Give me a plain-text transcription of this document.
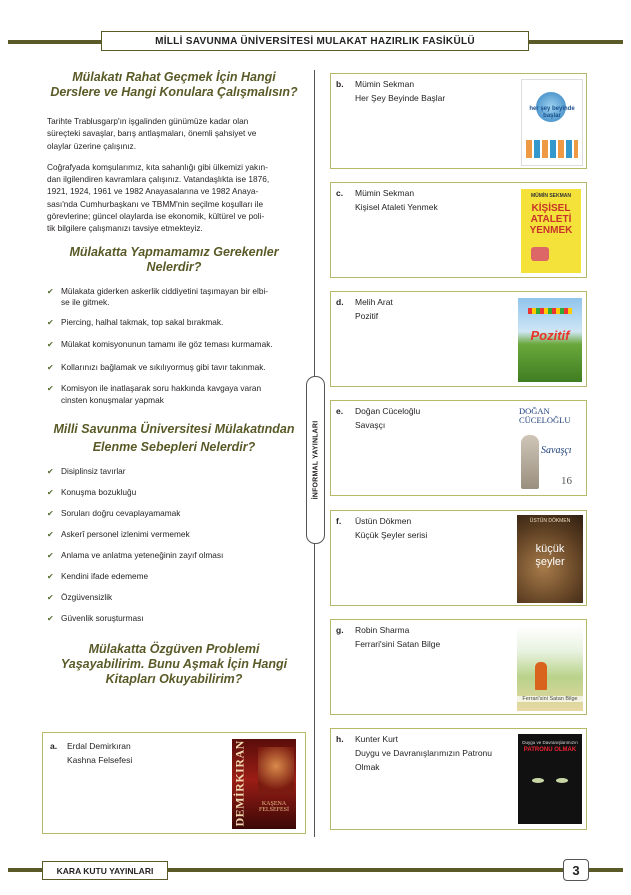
MİLLİ SAVUNMA ÜNİVERSİTESİ MULAKAT HAZIRLIK FASİKÜLÜ

Mülakatı Rahat Geçmek İçin Hangi
Derslere ve Hangi Konulara Çalışmalısın?

Tarihte Trablusgarp'ın işgalinden günümüze kadar olan
süreçteki savaşlar, barış antlaşmaları, önemli şahsiyet ve
olaylar üzerine çalışınız.

Coğrafyada komşularımız, kıta sahanlığı gibi ülkemizi yakın-
dan ilgilendiren kavramlara çalışınız. Vatandaşlıkta ise 1876,
1921, 1924, 1961 ve 1982 Anayasalarına ve 1982 Anaya-
sası'nda Cumhurbaşkanı ve TBMM'nin seçilme koşulları ile
görevlerine; güncel olaylarda ise ekonomik, kültürel ve poli-
tik bilgilere çalışmanızı tavsiye etmekteyiz.

Mülakatta Yapmamamız Gerekenler
Nelerdir?

✔ Mülakata giderken askerlik ciddiyetini taşımayan bir elbi-
se ile gitmek.
✔ Piercing, halhal takmak, top sakal bırakmak.
✔ Mülakat komisyonunun tamamı ile göz teması kurmamak.
✔ Kollarınızı bağlamak ve sıkılıyormuş gibi tavır takınmak.
✔ Komisyon ile inatlaşarak soru hakkında kavgaya varan
cinsten konuşmalar yapmak

Milli Savunma Üniversitesi Mülakatından
Elenme Sebepleri Nelerdir?

✔ Disiplinsiz tavırlar
✔ Konuşma bozukluğu
✔ Soruları doğru cevaplayamamak
✔ Askerî personel izlenimi vermemek
✔ Anlama ve anlatma yeteneğinin zayıf olması
✔ Kendini ifade edememe
✔ Özgüvensizlik
✔ Güvenlik soruşturması

Mülakatta Özgüven Problemi
Yaşayabilirim. Bunu Aşmak İçin Hangi
Kitapları Okuyabilirim?

a. Erdal Demirkıran
Kashna Felsefesi	DEMİRKIRAN	KAŞENA FELSEFESİ
İNFORMAL YAYINLARI
b. Mümin Sekman
Her Şey Beyinde Başlar
her şey beyinde başlar
c. Mümin Sekman
Kişisel Ataleti Yenmek
MÜMİN SEKMAN
KİŞİSEL ATALETİ YENMEK
d. Melih Arat
Pozitif
Pozitif
e. Doğan Cüceloğlu
Savaşçı
DOĞAN CÜCELOĞLU
Savaşçı
16
f. Üstün Dökmen
Küçük Şeyler serisi
ÜSTÜN DÖKMEN
küçük şeyler
g. Robin Sharma
Ferrari'sini Satan Bilge
Ferrari'sini Satan Bilge
h. Kunter Kurt
Duygu ve Davranışlarımızın Patronu
Olmak
Duygu ve Davranışlarımızın
PATRONU OLMAK
KARA KUTU YAYINLARI	3
